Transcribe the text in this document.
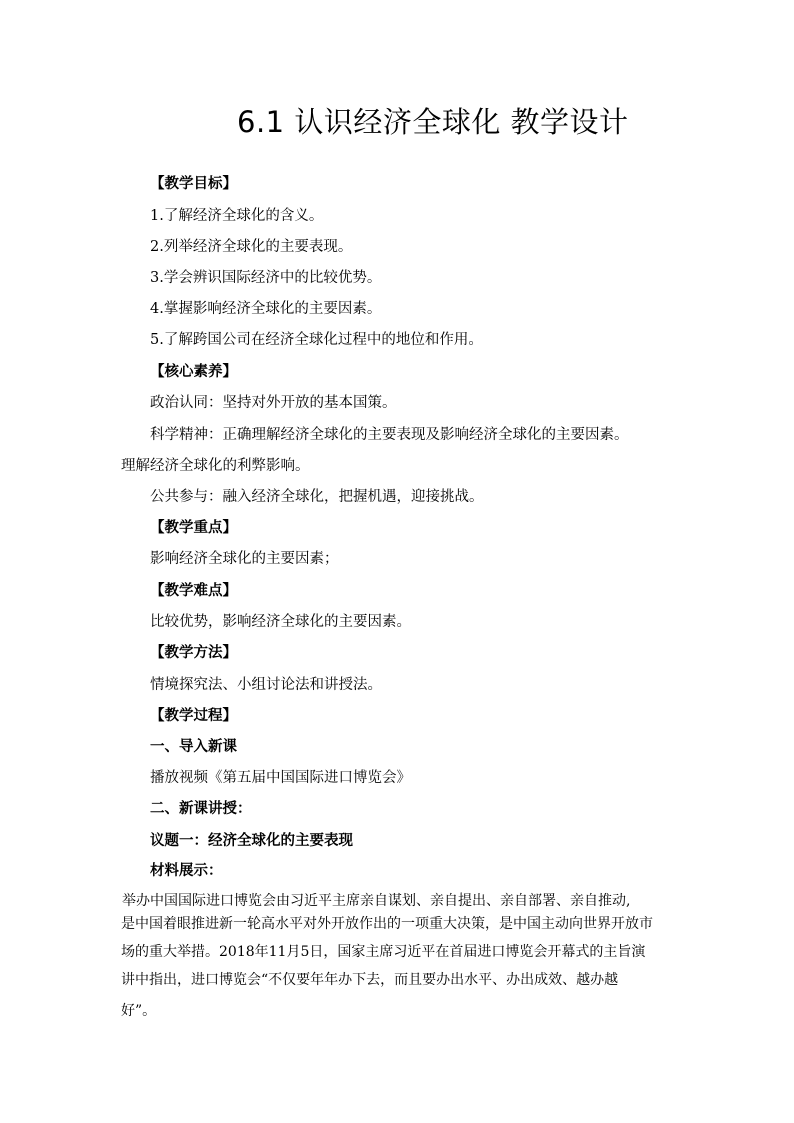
6.1 认识经济全球化 教学设计
【教学目标】
1.了解经济全球化的含义。
2.列举经济全球化的主要表现。
3.学会辨识国际经济中的比较优势。
4.掌握影响经济全球化的主要因素。
5.了解跨国公司在经济全球化过程中的地位和作用。
【核心素养】
政治认同：坚持对外开放的基本国策。
科学精神：正确理解经济全球化的主要表现及影响经济全球化的主要因素。
理解经济全球化的利弊影响。
公共参与：融入经济全球化，把握机遇，迎接挑战。
【教学重点】
影响经济全球化的主要因素；
【教学难点】
比较优势，影响经济全球化的主要因素。
【教学方法】
情境探究法、小组讨论法和讲授法。
【教学过程】
一、导入新课
播放视频《第五届中国国际进口博览会》
二、新课讲授：
议题一：经济全球化的主要表现
材料展示：
举办中国国际进口博览会由习近平主席亲自谋划、亲自提出、亲自部署、亲自推动,
是中国着眼推进新一轮高水平对外开放作出的一项重大决策，是中国主动向世界开放市
场的重大举措。2018年11月5日，国家主席习近平在首届进口博览会开幕式的主旨演
讲中指出，进口博览会“不仅要年年办下去，而且要办出水平、办出成效、越办越
好”。
